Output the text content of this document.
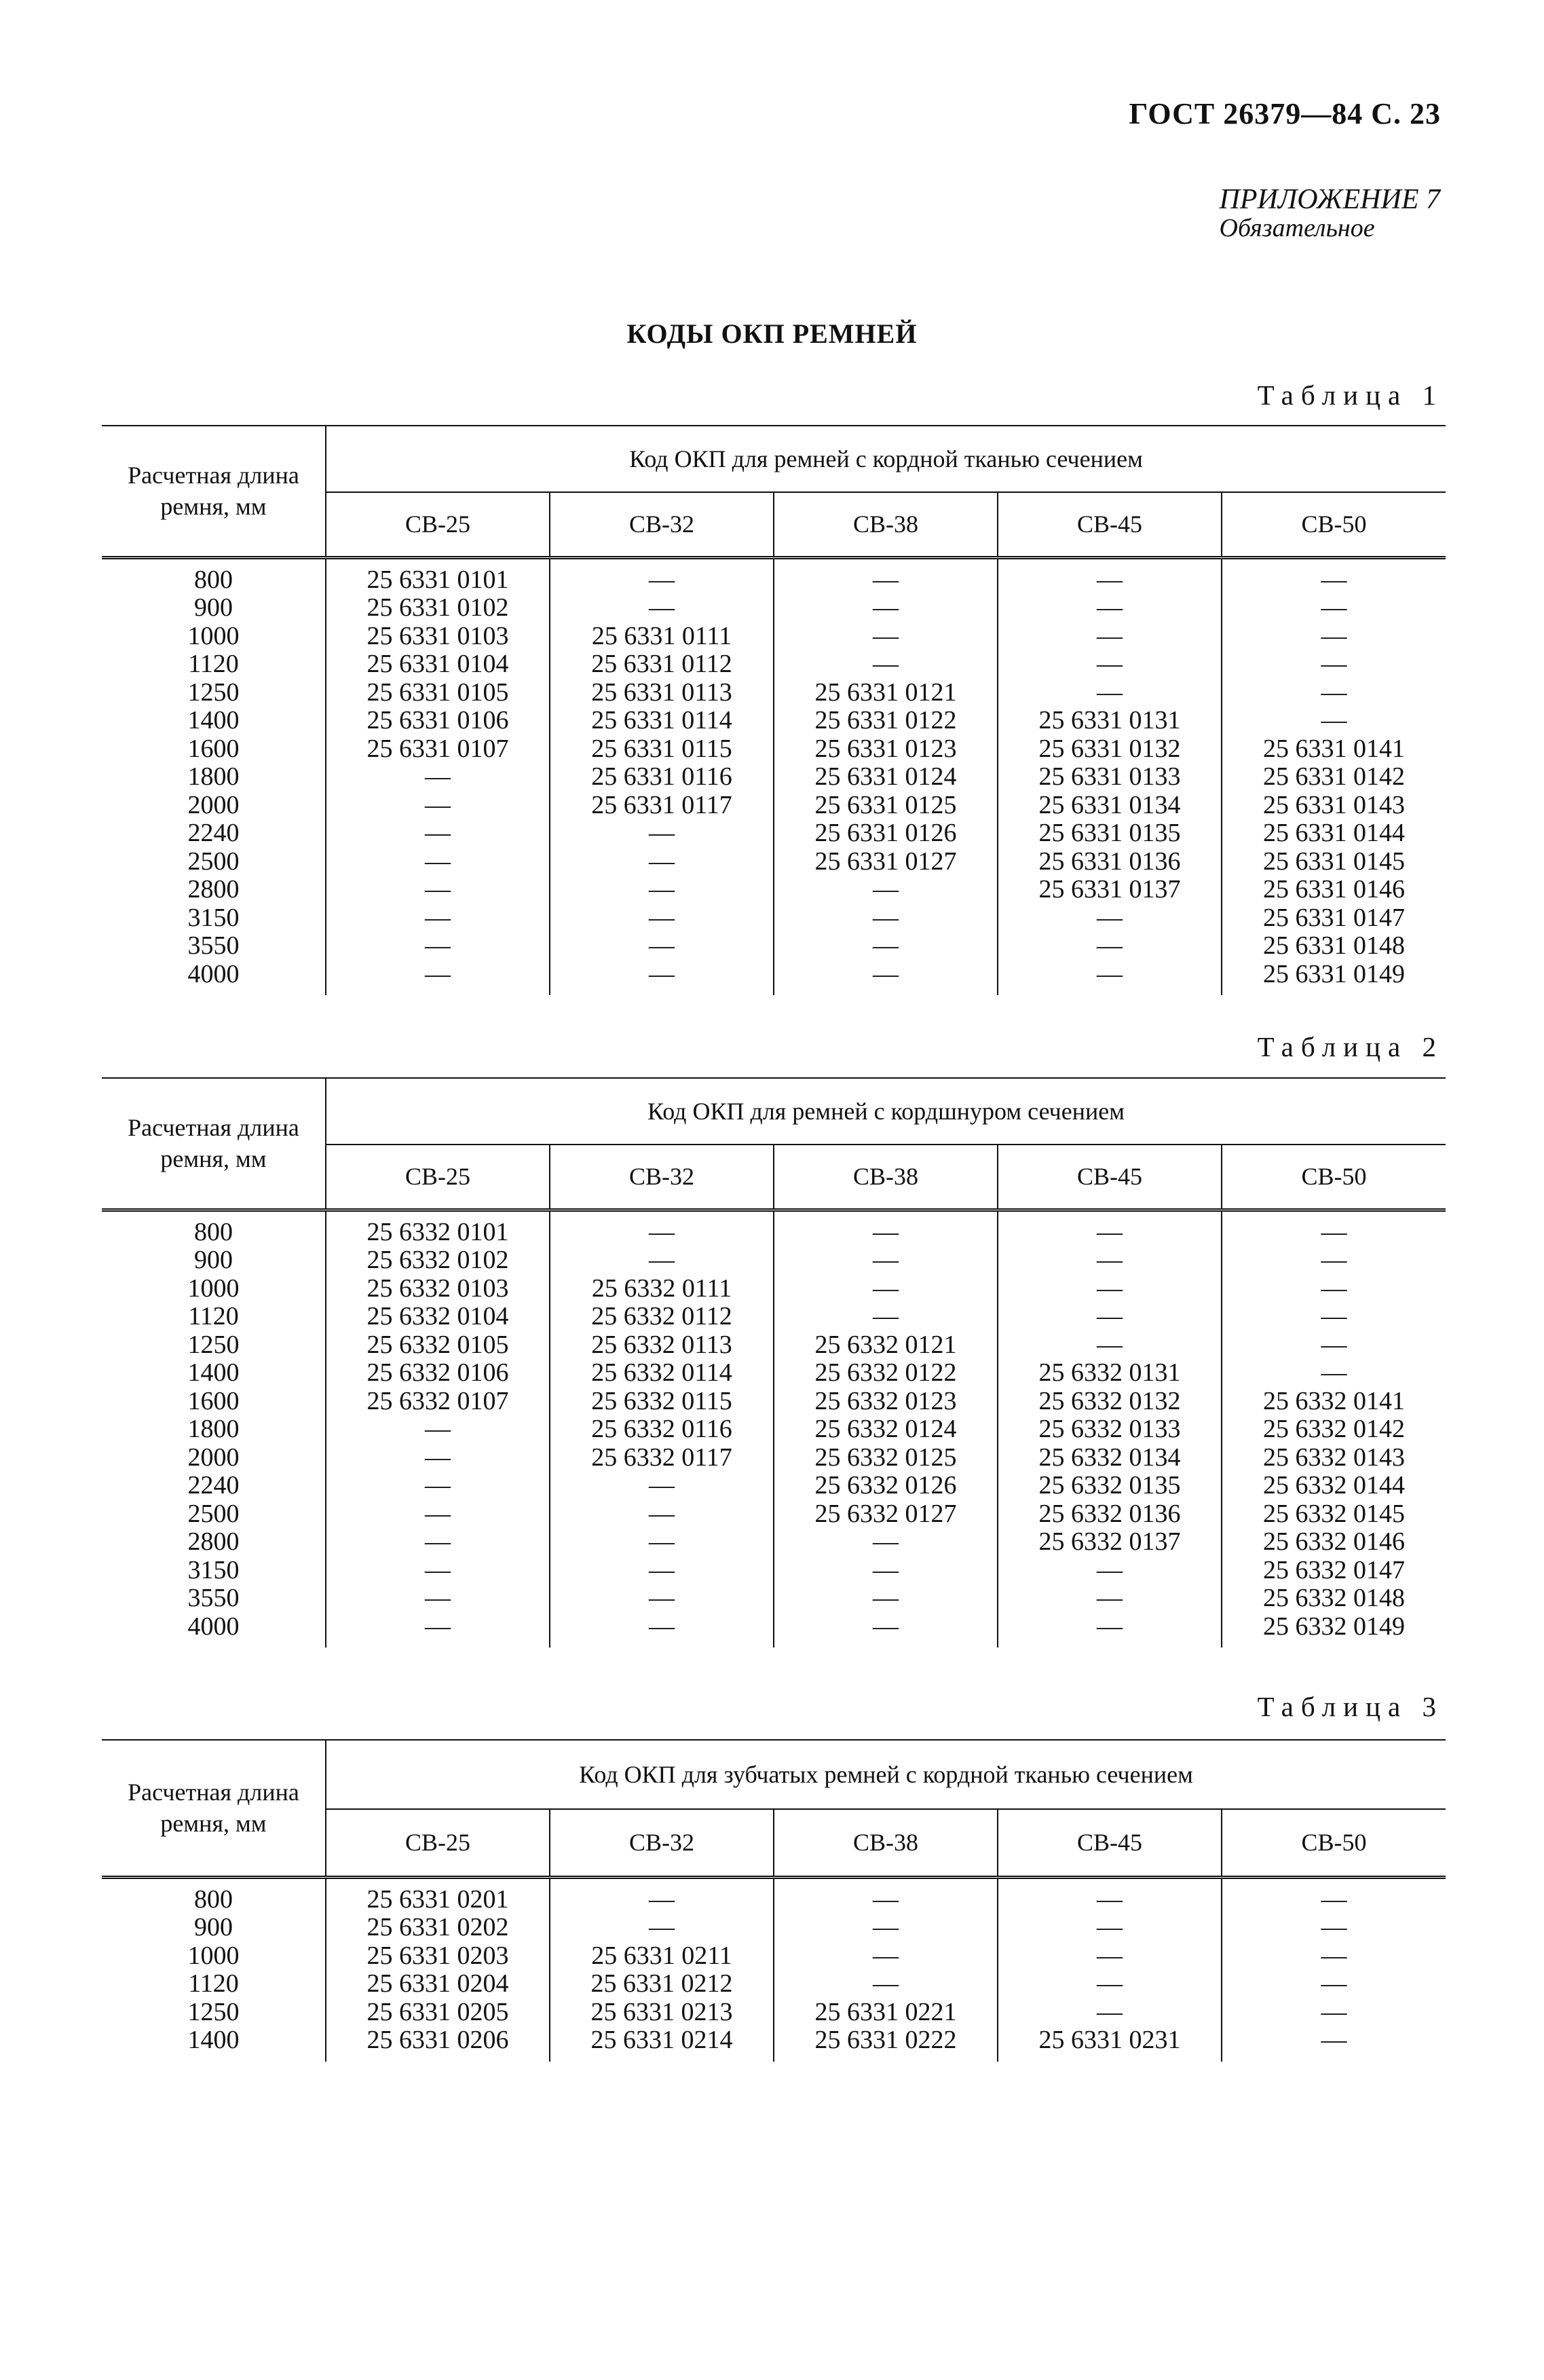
ГОСТ 26379—84 С. 23
ПРИЛОЖЕНИЕ 7
Обязательное
КОДЫ ОКП РЕМНЕЙ
Таблица 1
Расчетная длина ремня, мм	Код ОКП для ремней с кордной тканью сечением				
	СВ-25	СВ-32	СВ-38	СВ-45	СВ-50

800	25 6331 0101	—	—	—	—
900	25 6331 0102	—	—	—	—
1000	25 6331 0103	25 6331 0111	—	—	—
1120	25 6331 0104	25 6331 0112	—	—	—
1250	25 6331 0105	25 6331 0113	25 6331 0121	—	—
1400	25 6331 0106	25 6331 0114	25 6331 0122	25 6331 0131	—
1600	25 6331 0107	25 6331 0115	25 6331 0123	25 6331 0132	25 6331 0141
1800	—	25 6331 0116	25 6331 0124	25 6331 0133	25 6331 0142
2000	—	25 6331 0117	25 6331 0125	25 6331 0134	25 6331 0143
2240	—	—	25 6331 0126	25 6331 0135	25 6331 0144
2500	—	—	25 6331 0127	25 6331 0136	25 6331 0145
2800	—	—	—	25 6331 0137	25 6331 0146
3150	—	—	—	—	25 6331 0147
3550	—	—	—	—	25 6331 0148
4000	—	—	—	—	25 6331 0149

Таблица 2
Расчетная длина ремня, мм	Код ОКП для ремней с кордшнуром сечением				
	СВ-25	СВ-32	СВ-38	СВ-45	СВ-50

800	25 6332 0101	—	—	—	—
900	25 6332 0102	—	—	—	—
1000	25 6332 0103	25 6332 0111	—	—	—
1120	25 6332 0104	25 6332 0112	—	—	—
1250	25 6332 0105	25 6332 0113	25 6332 0121	—	—
1400	25 6332 0106	25 6332 0114	25 6332 0122	25 6332 0131	—
1600	25 6332 0107	25 6332 0115	25 6332 0123	25 6332 0132	25 6332 0141
1800	—	25 6332 0116	25 6332 0124	25 6332 0133	25 6332 0142
2000	—	25 6332 0117	25 6332 0125	25 6332 0134	25 6332 0143
2240	—	—	25 6332 0126	25 6332 0135	25 6332 0144
2500	—	—	25 6332 0127	25 6332 0136	25 6332 0145
2800	—	—	—	25 6332 0137	25 6332 0146
3150	—	—	—	—	25 6332 0147
3550	—	—	—	—	25 6332 0148
4000	—	—	—	—	25 6332 0149

Таблица 3
Расчетная длина ремня, мм	Код ОКП для зубчатых ремней с кордной тканью сечением				
	СВ-25	СВ-32	СВ-38	СВ-45	СВ-50

800	25 6331 0201	—	—	—	—
900	25 6331 0202	—	—	—	—
1000	25 6331 0203	25 6331 0211	—	—	—
1120	25 6331 0204	25 6331 0212	—	—	—
1250	25 6331 0205	25 6331 0213	25 6331 0221	—	—
1400	25 6331 0206	25 6331 0214	25 6331 0222	25 6331 0231	—
